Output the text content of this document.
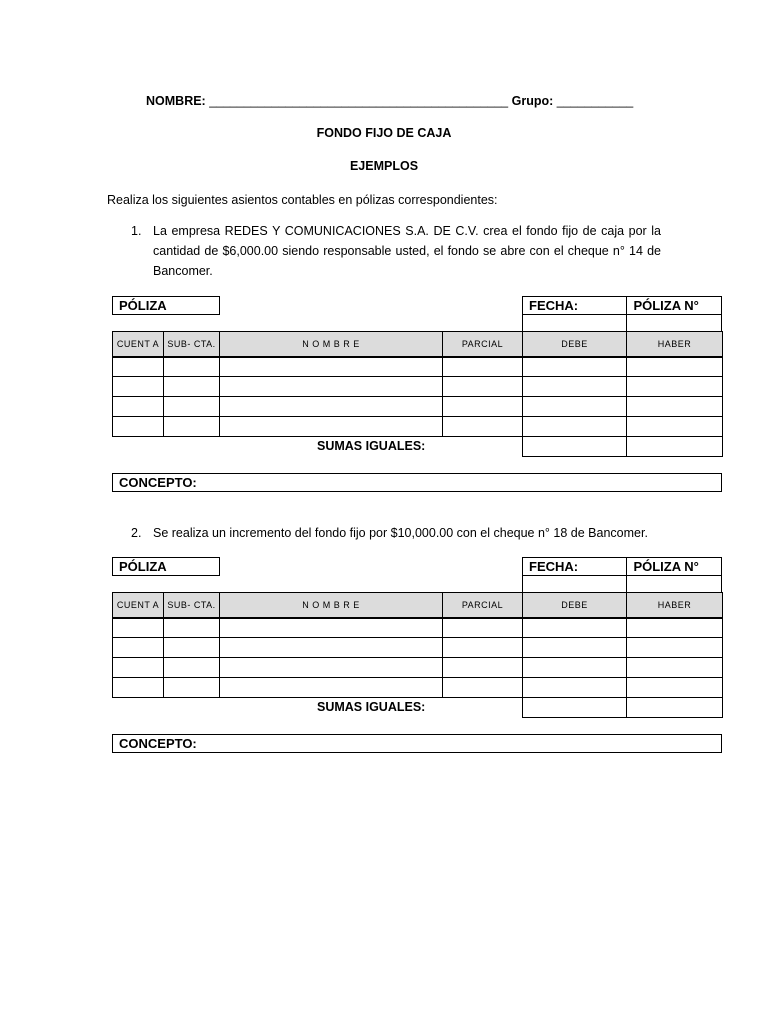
NOMBRE: ___________________________________________ Grupo: ___________
FONDO FIJO DE CAJA
EJEMPLOS
Realiza los siguientes asientos contables en pólizas correspondientes:
1. La empresa REDES Y COMUNICACIONES S.A. DE C.V. crea el fondo fijo de caja por la cantidad de $6,000.00 siendo responsable usted, el fondo se abre con el cheque n° 14 de Bancomer.
PÓLIZA	FECHA:	PÓLIZA N°

CUENT A	SUB- CTA.	N O M B R E	PARCIAL	DEBE	HABER

SUMAS IGUALES:
CONCEPTO:
2. Se realiza un incremento del fondo fijo por $10,000.00 con el cheque n° 18 de Bancomer.
PÓLIZA	FECHA:	PÓLIZA N°

CUENT A	SUB- CTA.	N O M B R E	PARCIAL	DEBE	HABER

SUMAS IGUALES:
CONCEPTO:
